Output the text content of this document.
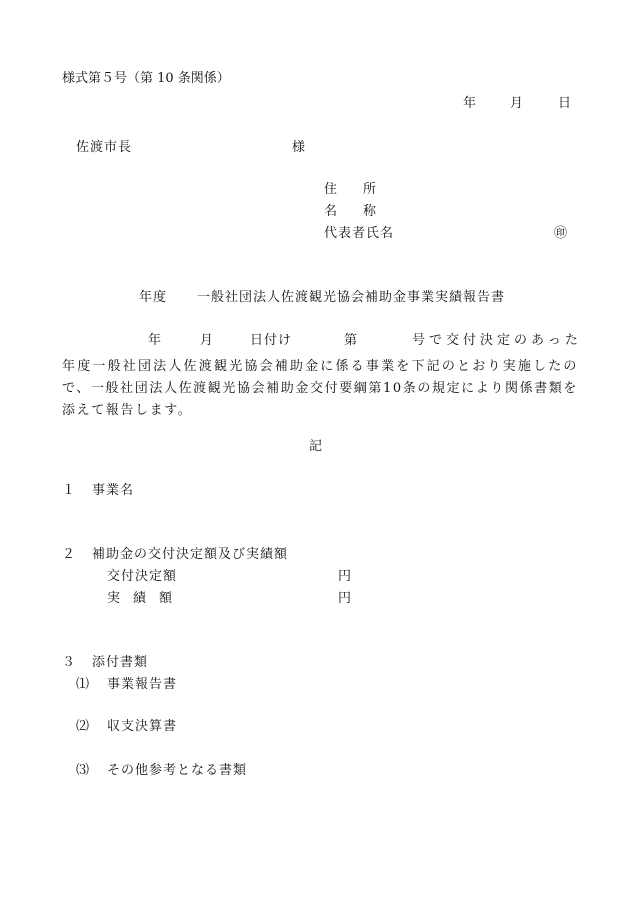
様式第５号（第 10 条関係）
年	月	日
佐渡市長	様
住　　所
名　　称
代表者氏名	㊞
年度 一般社団法人佐渡観光協会補助金事業実績報告書
年	月	日付け	第	号で交付決定のあった
年度一般社団法人佐渡観光協会補助金に係る事業を下記のとおり実施したので、一般社団法人佐渡観光協会補助金交付要綱第10条の規定により関係書類を添えて報告します。
記
１ 事業名
２ 補助金の交付決定額及び実績額
交付決定額	円
実　績　額	円
３ 添付書類
⑴ 事業報告書
⑵ 収支決算書
⑶ その他参考となる書類
